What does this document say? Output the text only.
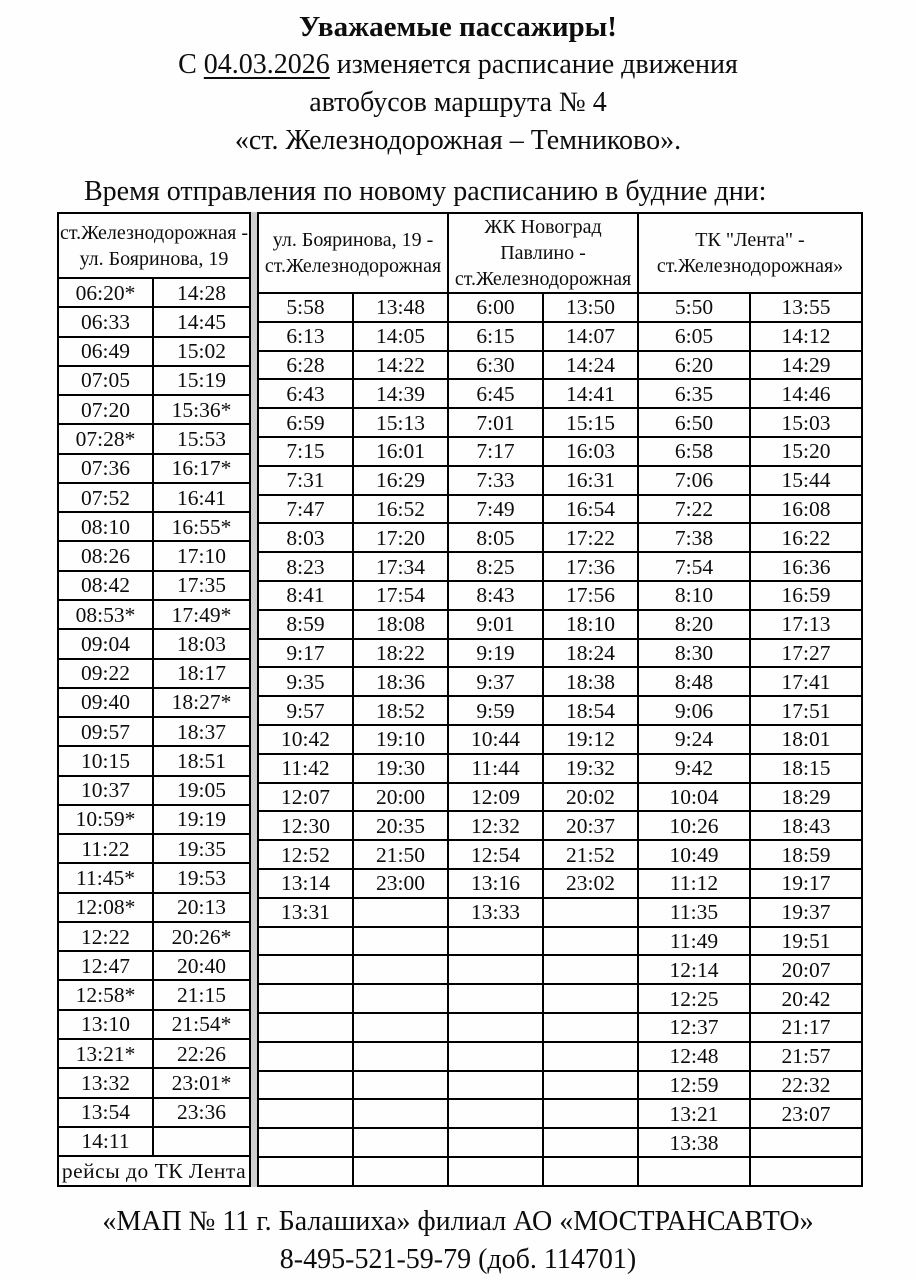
Уважаемые пассажиры!
С 04.03.2026 изменяется расписание движения
автобусов маршрута № 4
«ст. Железнодорожная – Темниково».
Время отправления по новому расписанию в будние дни:
ст.Железнодорожная -
ул. Бояринова, 19	

06:20*	14:28
06:33	14:45
06:49	15:02
07:05	15:19
07:20	15:36*
07:28*	15:53
07:36	16:17*
07:52	16:41
08:10	16:55*
08:26	17:10
08:42	17:35
08:53*	17:49*
09:04	18:03
09:22	18:17
09:40	18:27*
09:57	18:37
10:15	18:51
10:37	19:05
10:59*	19:19
11:22	19:35
11:45*	19:53
12:08*	20:13
12:22	20:26*
12:47	20:40
12:58*	21:15
13:10	21:54*
13:21*	22:26
13:32	23:01*
13:54	23:36
14:11	
рейсы до ТК Лента	
ул. Бояринова, 19 -
ст.Железнодорожная

ЖК Новоград Павлино -
ст.Железнодорожная

ТК "Лента" -
ст.Железнодорожная»

5:58	13:48	6:00	13:50	5:50	13:55
6:13	14:05	6:15	14:07	6:05	14:12
6:28	14:22	6:30	14:24	6:20	14:29
6:43	14:39	6:45	14:41	6:35	14:46
6:59	15:13	7:01	15:15	6:50	15:03
7:15	16:01	7:17	16:03	6:58	15:20
7:31	16:29	7:33	16:31	7:06	15:44
7:47	16:52	7:49	16:54	7:22	16:08
8:03	17:20	8:05	17:22	7:38	16:22
8:23	17:34	8:25	17:36	7:54	16:36
8:41	17:54	8:43	17:56	8:10	16:59
8:59	18:08	9:01	18:10	8:20	17:13
9:17	18:22	9:19	18:24	8:30	17:27
9:35	18:36	9:37	18:38	8:48	17:41
9:57	18:52	9:59	18:54	9:06	17:51
10:42	19:10	10:44	19:12	9:24	18:01
11:42	19:30	11:44	19:32	9:42	18:15
12:07	20:00	12:09	20:02	10:04	18:29
12:30	20:35	12:32	20:37	10:26	18:43
12:52	21:50	12:54	21:52	10:49	18:59
13:14	23:00	13:16	23:02	11:12	19:17
13:31		13:33		11:35	19:37
				11:49	19:51
				12:14	20:07
				12:25	20:42
				12:37	21:17
				12:48	21:57
				12:59	22:32
				13:21	23:07
				13:38	

«МАП № 11 г. Балашиха» филиал АО «МОСТРАНСАВТО»
8-495-521-59-79 (доб. 114701)
